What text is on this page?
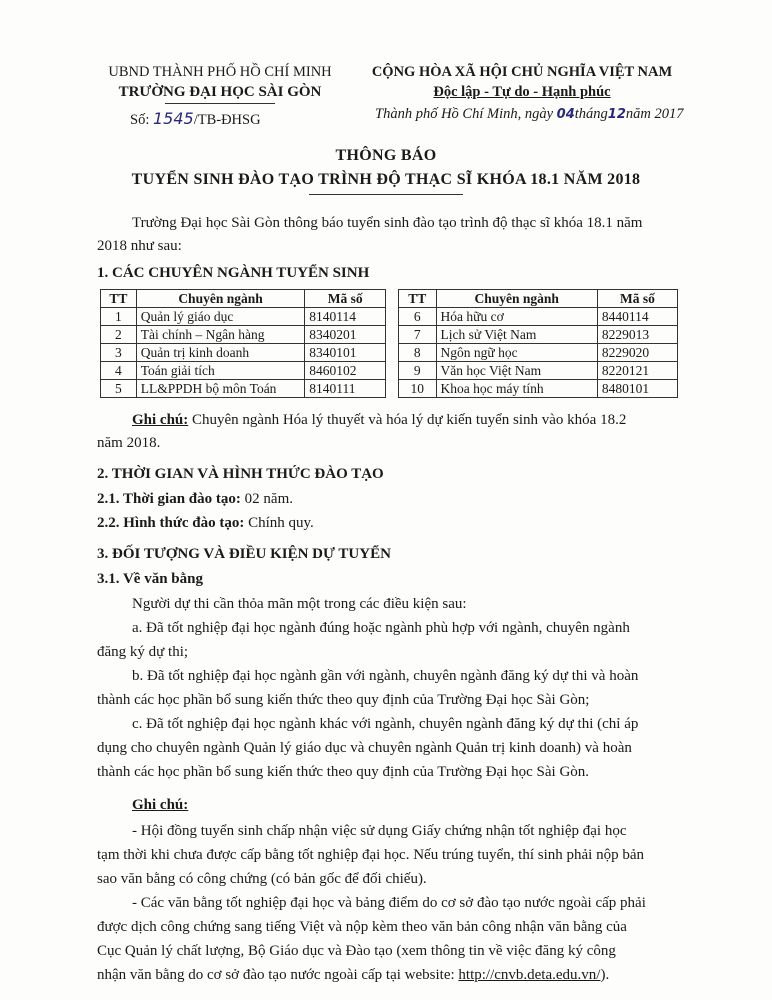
UBND THÀNH PHỐ HỒ CHÍ MINH
TRƯỜNG ĐẠI HỌC SÀI GÒN
CỘNG HÒA XÃ HỘI CHỦ NGHĨA VIỆT NAM
Độc lập - Tự do - Hạnh phúc
Số: 1545/TB-ĐHSG	Thành phố Hồ Chí Minh, ngày 04tháng12năm 2017
THÔNG BÁO
TUYỂN SINH ĐÀO TẠO TRÌNH ĐỘ THẠC SĨ KHÓA 18.1 NĂM 2018

Trường Đại học Sài Gòn thông báo tuyển sinh đào tạo trình độ thạc sĩ khóa 18.1 năm

2018 như sau:

1. CÁC CHUYÊN NGÀNH TUYỂN SINH

TT	Chuyên ngành	Mã số
1	Quản lý giáo dục	8140114
2	Tài chính – Ngân hàng	8340201
3	Quản trị kinh doanh	8340101
4	Toán giải tích	8460102
5	LL&PPDH bộ môn Toán	8140111
TT	Chuyên ngành	Mã số
6	Hóa hữu cơ	8440114
7	Lịch sử Việt Nam	8229013
8	Ngôn ngữ học	8229020
9	Văn học Việt Nam	8220121
10	Khoa học máy tính	8480101

Ghi chú: Chuyên ngành Hóa lý thuyết và hóa lý dự kiến tuyển sinh vào khóa 18.2

năm 2018.

2. THỜI GIAN VÀ HÌNH THỨC ĐÀO TẠO

2.1. Thời gian đào tạo: 02 năm.

2.2. Hình thức đào tạo: Chính quy.

3. ĐỐI TƯỢNG VÀ ĐIỀU KIỆN DỰ TUYỂN

3.1. Về văn bằng

Người dự thi cần thỏa mãn một trong các điều kiện sau:

a. Đã tốt nghiệp đại học ngành đúng hoặc ngành phù hợp với ngành, chuyên ngành

đăng ký dự thi;

b. Đã tốt nghiệp đại học ngành gần với ngành, chuyên ngành đăng ký dự thi và hoàn

thành các học phần bổ sung kiến thức theo quy định của Trường Đại học Sài Gòn;

c. Đã tốt nghiệp đại học ngành khác với ngành, chuyên ngành đăng ký dự thi (chỉ áp

dụng cho chuyên ngành Quản lý giáo dục và chuyên ngành Quản trị kinh doanh) và hoàn

thành các học phần bổ sung kiến thức theo quy định của Trường Đại học Sài Gòn.

Ghi chú:

- Hội đồng tuyển sinh chấp nhận việc sử dụng Giấy chứng nhận tốt nghiệp đại học

tạm thời khi chưa được cấp bằng tốt nghiệp đại học. Nếu trúng tuyển, thí sinh phải nộp bản

sao văn bằng có công chứng (có bản gốc để đối chiếu).

- Các văn bằng tốt nghiệp đại học và bảng điểm do cơ sở đào tạo nước ngoài cấp phải

được dịch công chứng sang tiếng Việt và nộp kèm theo văn bản công nhận văn bằng của

Cục Quản lý chất lượng, Bộ Giáo dục và Đào tạo (xem thông tin về việc đăng ký công

nhận văn bằng do cơ sở đào tạo nước ngoài cấp tại website: http://cnvb.deta.edu.vn/).
